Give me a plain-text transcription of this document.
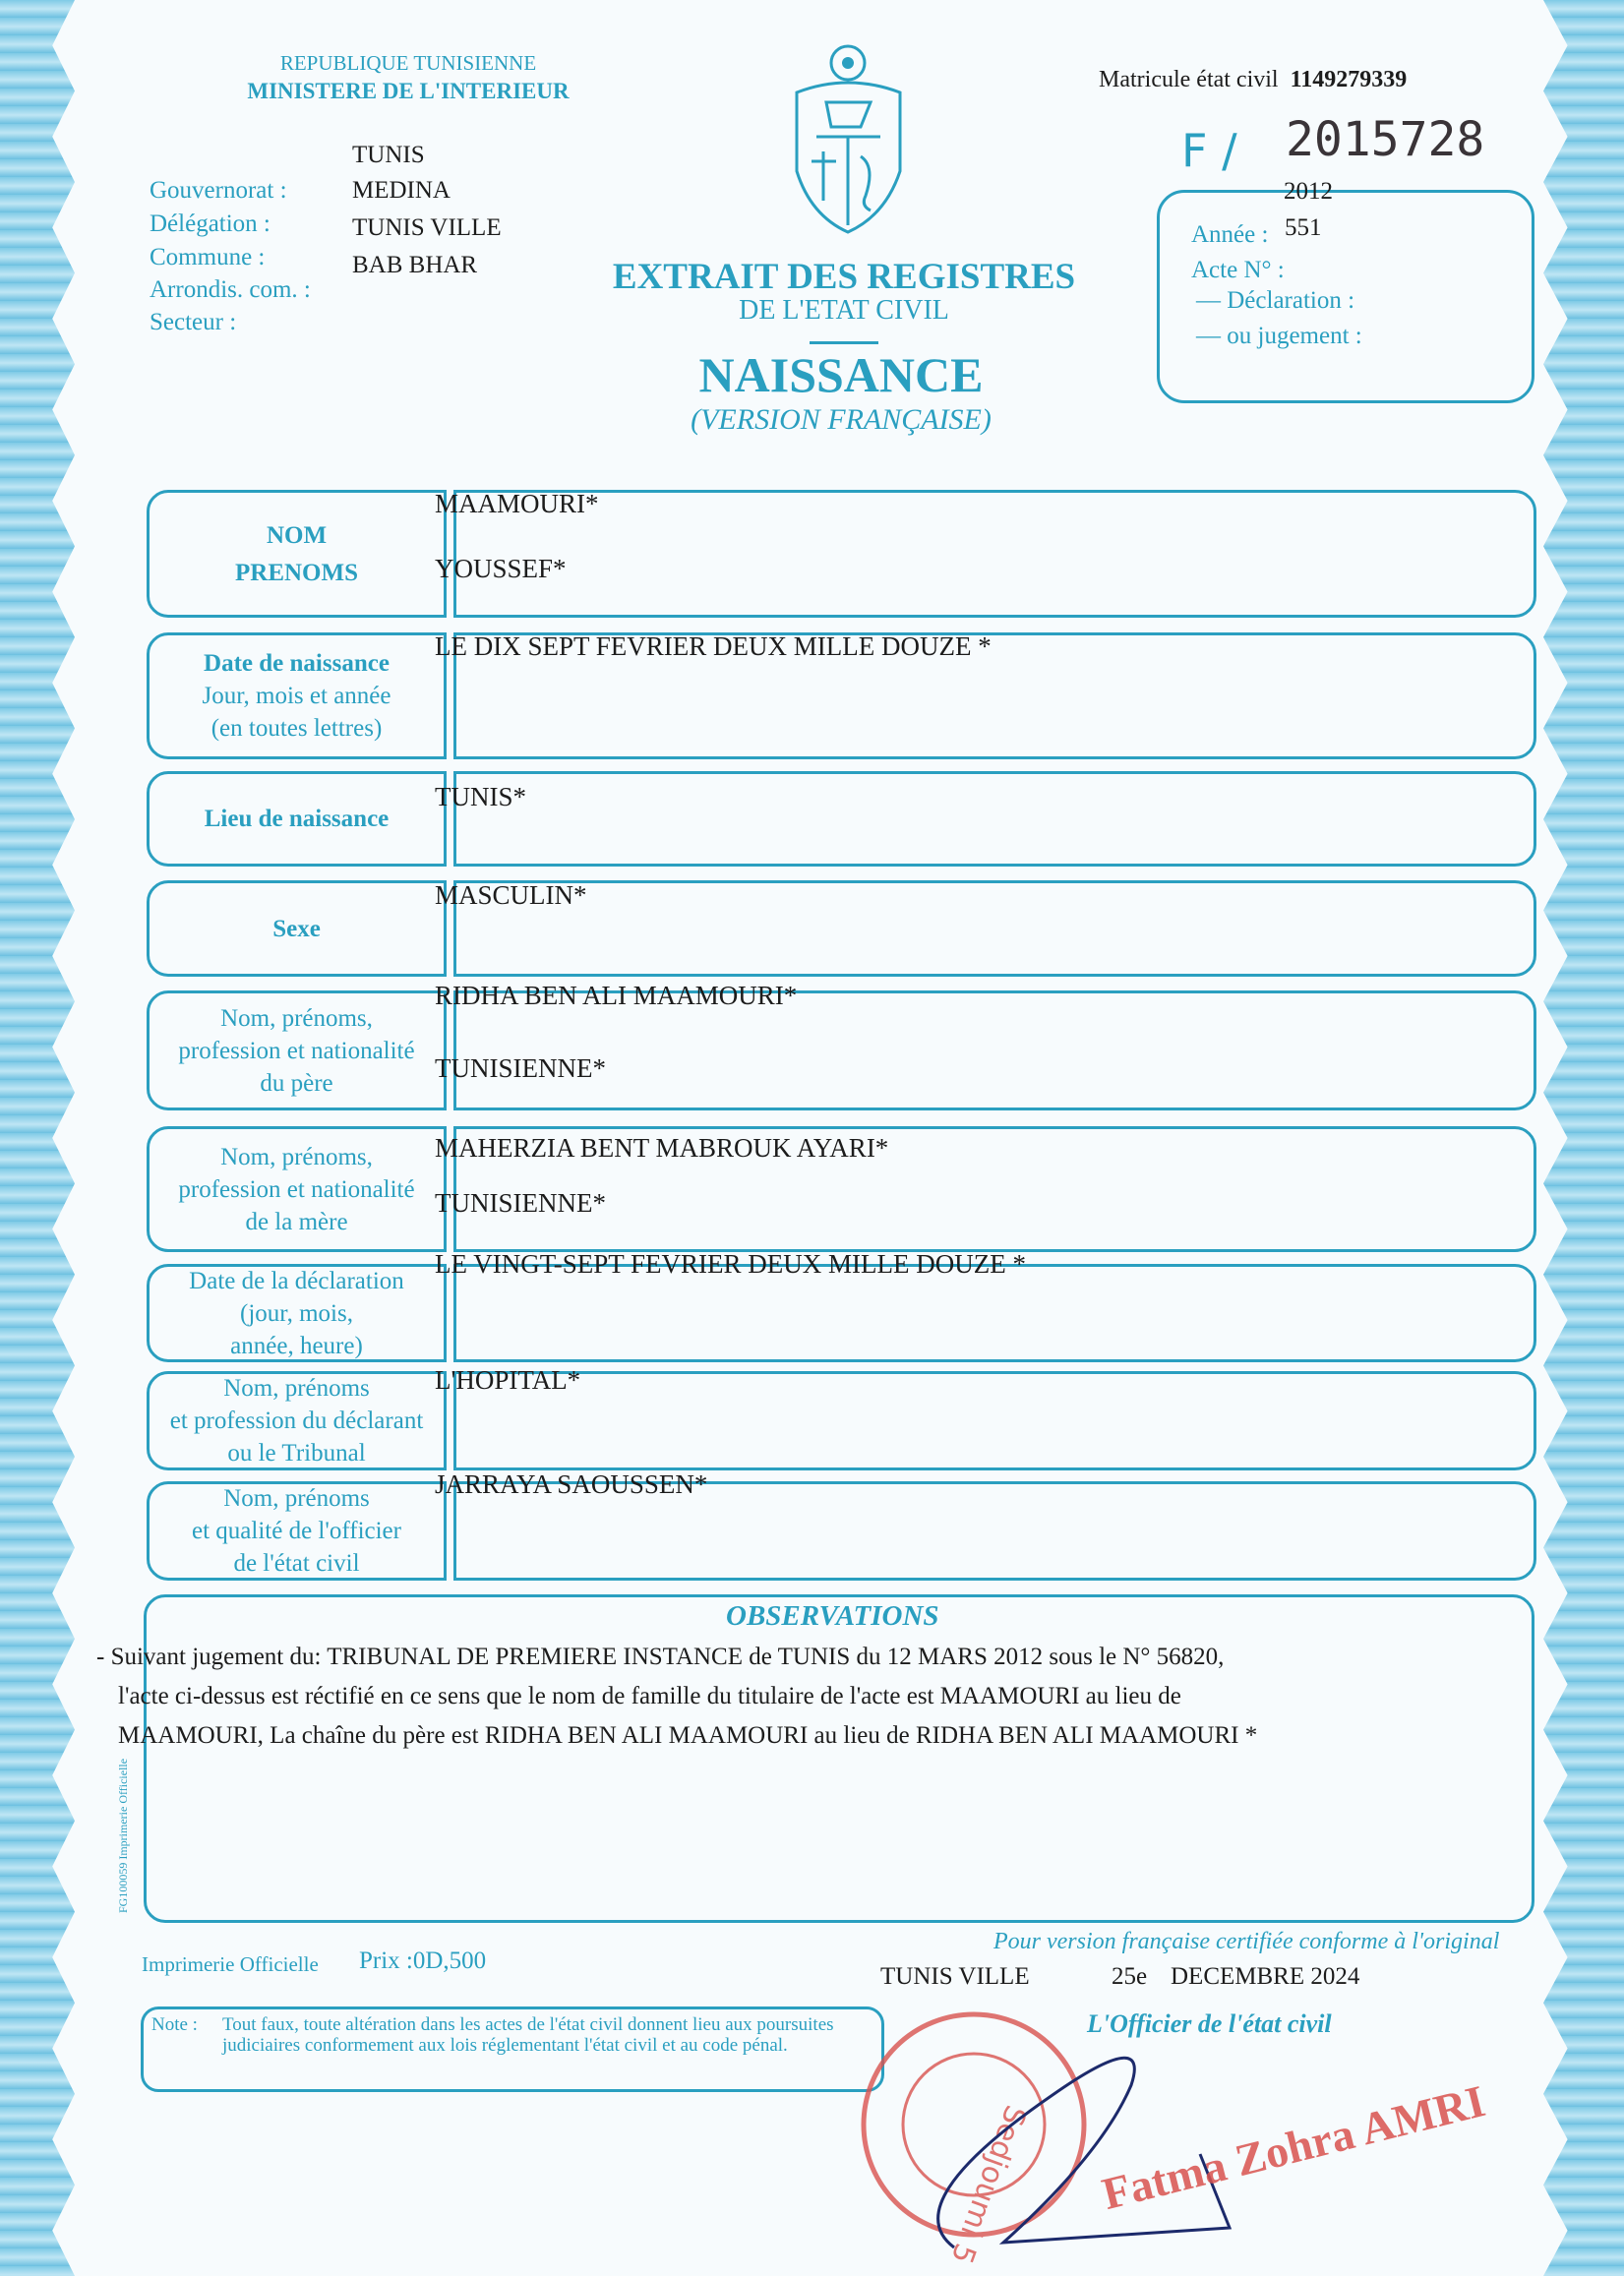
REPUBLIQUE TUNISIENNE
MINISTERE DE L'INTERIEUR	Matricule état civil 1149279339
F / 2015728
Gouvernorat :
Délégation :
Commune :
Arrondis. com. :
Secteur :
TUNIS
MEDINA
TUNIS VILLE
BAB BHAR
2012
Année : 551
Acte N° :
— Déclaration :
— ou jugement :
EXTRAIT DES REGISTRES
DE L'ETAT CIVIL
NAISSANCE
(VERSION FRANÇAISE)
NOM
PRENOMS
MAAMOURI*
YOUSSEF*
Date de naissance
Jour, mois et année
(en toutes lettres)
LE DIX SEPT FEVRIER DEUX MILLE DOUZE *
Lieu de naissance
TUNIS*
Sexe
MASCULIN*
Nom, prénoms,
profession et nationalité
du père
RIDHA BEN ALI MAAMOURI*
TUNISIENNE*
Nom, prénoms,
profession et nationalité
de la mère
MAHERZIA BENT MABROUK AYARI*
TUNISIENNE*
Date de la déclaration
(jour, mois,
année, heure)
LE VINGT-SEPT FEVRIER DEUX MILLE DOUZE *
Nom, prénoms
et profession du déclarant
ou le Tribunal
L'HOPITAL*
Nom, prénoms
et qualité de l'officier
de l'état civil
JARRAYA SAOUSSEN*
OBSERVATIONS
- Suivant jugement du: TRIBUNAL DE PREMIERE INSTANCE de TUNIS du 12 MARS 2012 sous le N° 56820,
l'acte ci-dessus est réctifié en ce sens que le nom de famille du titulaire de l'acte est MAAMOURI au lieu de
MAAMOURI, La chaîne du père est RIDHA BEN ALI MAAMOURI au lieu de RIDHA BEN ALI MAAMOURI *
FG100059 Imprimerie Officielle
Imprimerie Officielle Prix :0D,500
Pour version française certifiée conforme à l'original
TUNIS VILLE	25e DECEMBRE 2024
L'Officier de l'état civil
Note : Tout faux, toute altération dans les actes de l'état civil donnent lieu aux poursuites judiciaires conformement aux lois réglementant l'état civil et au code pénal.
Sedjoumi 5 Fatma Zohra AMRI
